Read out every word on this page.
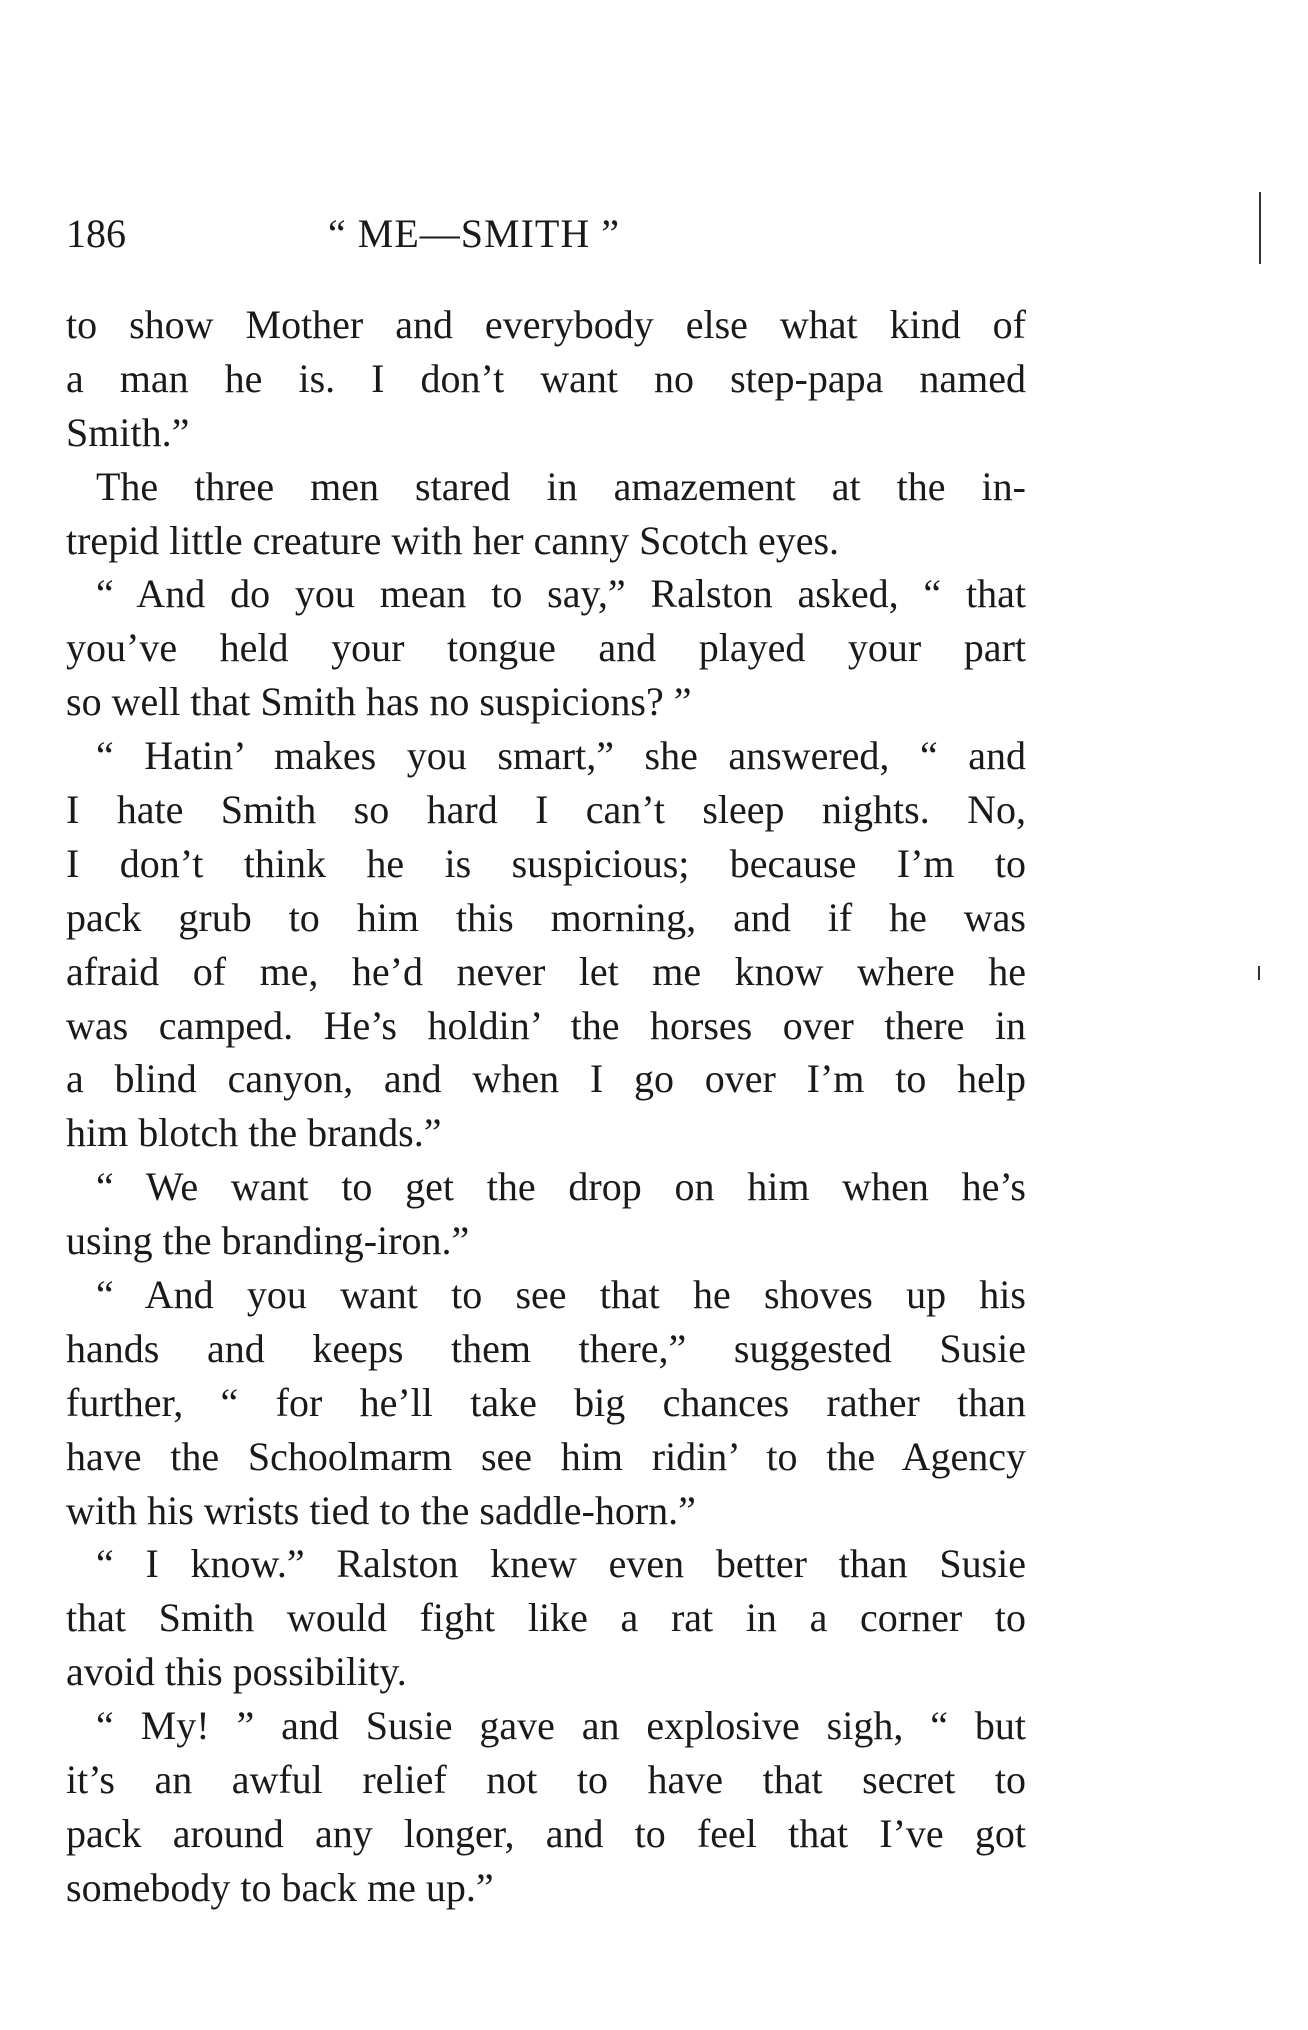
186	“ ME—SMITH ”
to show Mother and everybody else what kind of
a man he is. I don’t want no step-papa named
Smith.”
The three men stared in amazement at the in-
trepid little creature with her canny Scotch eyes.
“ And do you mean to say,” Ralston asked, “ that
you’ve held your tongue and played your part
so well that Smith has no suspicions? ”
“ Hatin’ makes you smart,” she answered, “ and
I hate Smith so hard I can’t sleep nights. No,
I don’t think he is suspicious; because I’m to
pack grub to him this morning, and if he was
afraid of me, he’d never let me know where he
was camped. He’s holdin’ the horses over there in
a blind canyon, and when I go over I’m to help
him blotch the brands.”
“ We want to get the drop on him when he’s
using the branding-iron.”
“ And you want to see that he shoves up his
hands and keeps them there,” suggested Susie
further, “ for he’ll take big chances rather than
have the Schoolmarm see him ridin’ to the Agency
with his wrists tied to the saddle-horn.”
“ I know.” Ralston knew even better than Susie
that Smith would fight like a rat in a corner to
avoid this possibility.
“ My! ” and Susie gave an explosive sigh, “ but
it’s an awful relief not to have that secret to
pack around any longer, and to feel that I’ve got
somebody to back me up.”
